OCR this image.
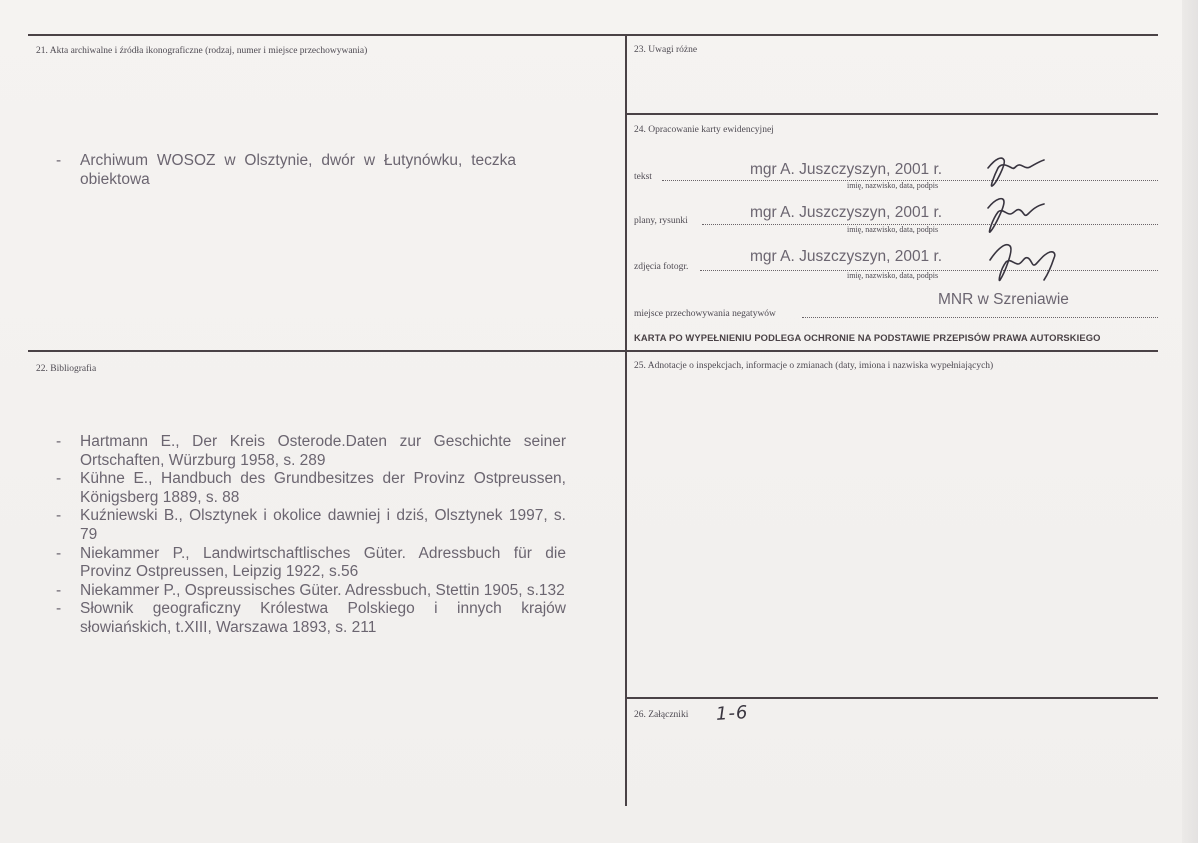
21. Akta archiwalne i źródła ikonograficzne (rodzaj, numer i miejsce przechowywania)
- Archiwum WOSOZ w Olsztynie, dwór w Łutynówku, teczka obiektowa
22. Bibliografia
- Hartmann E., Der Kreis Osterode.Daten zur Geschichte seiner Ortschaften, Würzburg 1958, s. 289
- Kühne E., Handbuch des Grundbesitzes der Provinz Ostpreussen, Königsberg 1889, s. 88
- Kuźniewski B., Olsztynek i okolice dawniej i dziś, Olsztynek 1997, s. 79
- Niekammer P., Landwirtschaftlisches Güter. Adressbuch für die Provinz Ostpreussen, Leipzig 1922, s.56
- Niekammer P., Ospreussisches Güter. Adressbuch, Stettin 1905, s.132
- Słownik geograficzny Królestwa Polskiego i innych krajów słowiańskich, t.XIII, Warszawa 1893, s. 211
23. Uwagi różne
24. Opracowanie karty ewidencyjnej
tekst	mgr A. Juszczyszyn, 2001 r.
imię, nazwisko, data, podpis
plany, rysunki	mgr A. Juszczyszyn, 2001 r.
imię, nazwisko, data, podpis
zdjęcia fotogr.
mgr A. Juszczyszyn, 2001 r.
imię, nazwisko, data, podpis
MNR w Szreniawie
miejsce przechowywania negatywów
KARTA PO WYPEŁNIENIU PODLEGA OCHRONIE NA PODSTAWIE PRZEPISÓW PRAWA AUTORSKIEGO
25. Adnotacje o inspekcjach, informacje o zmianach (daty, imiona i nazwiska wypełniających)
26. Załączniki 1-6
